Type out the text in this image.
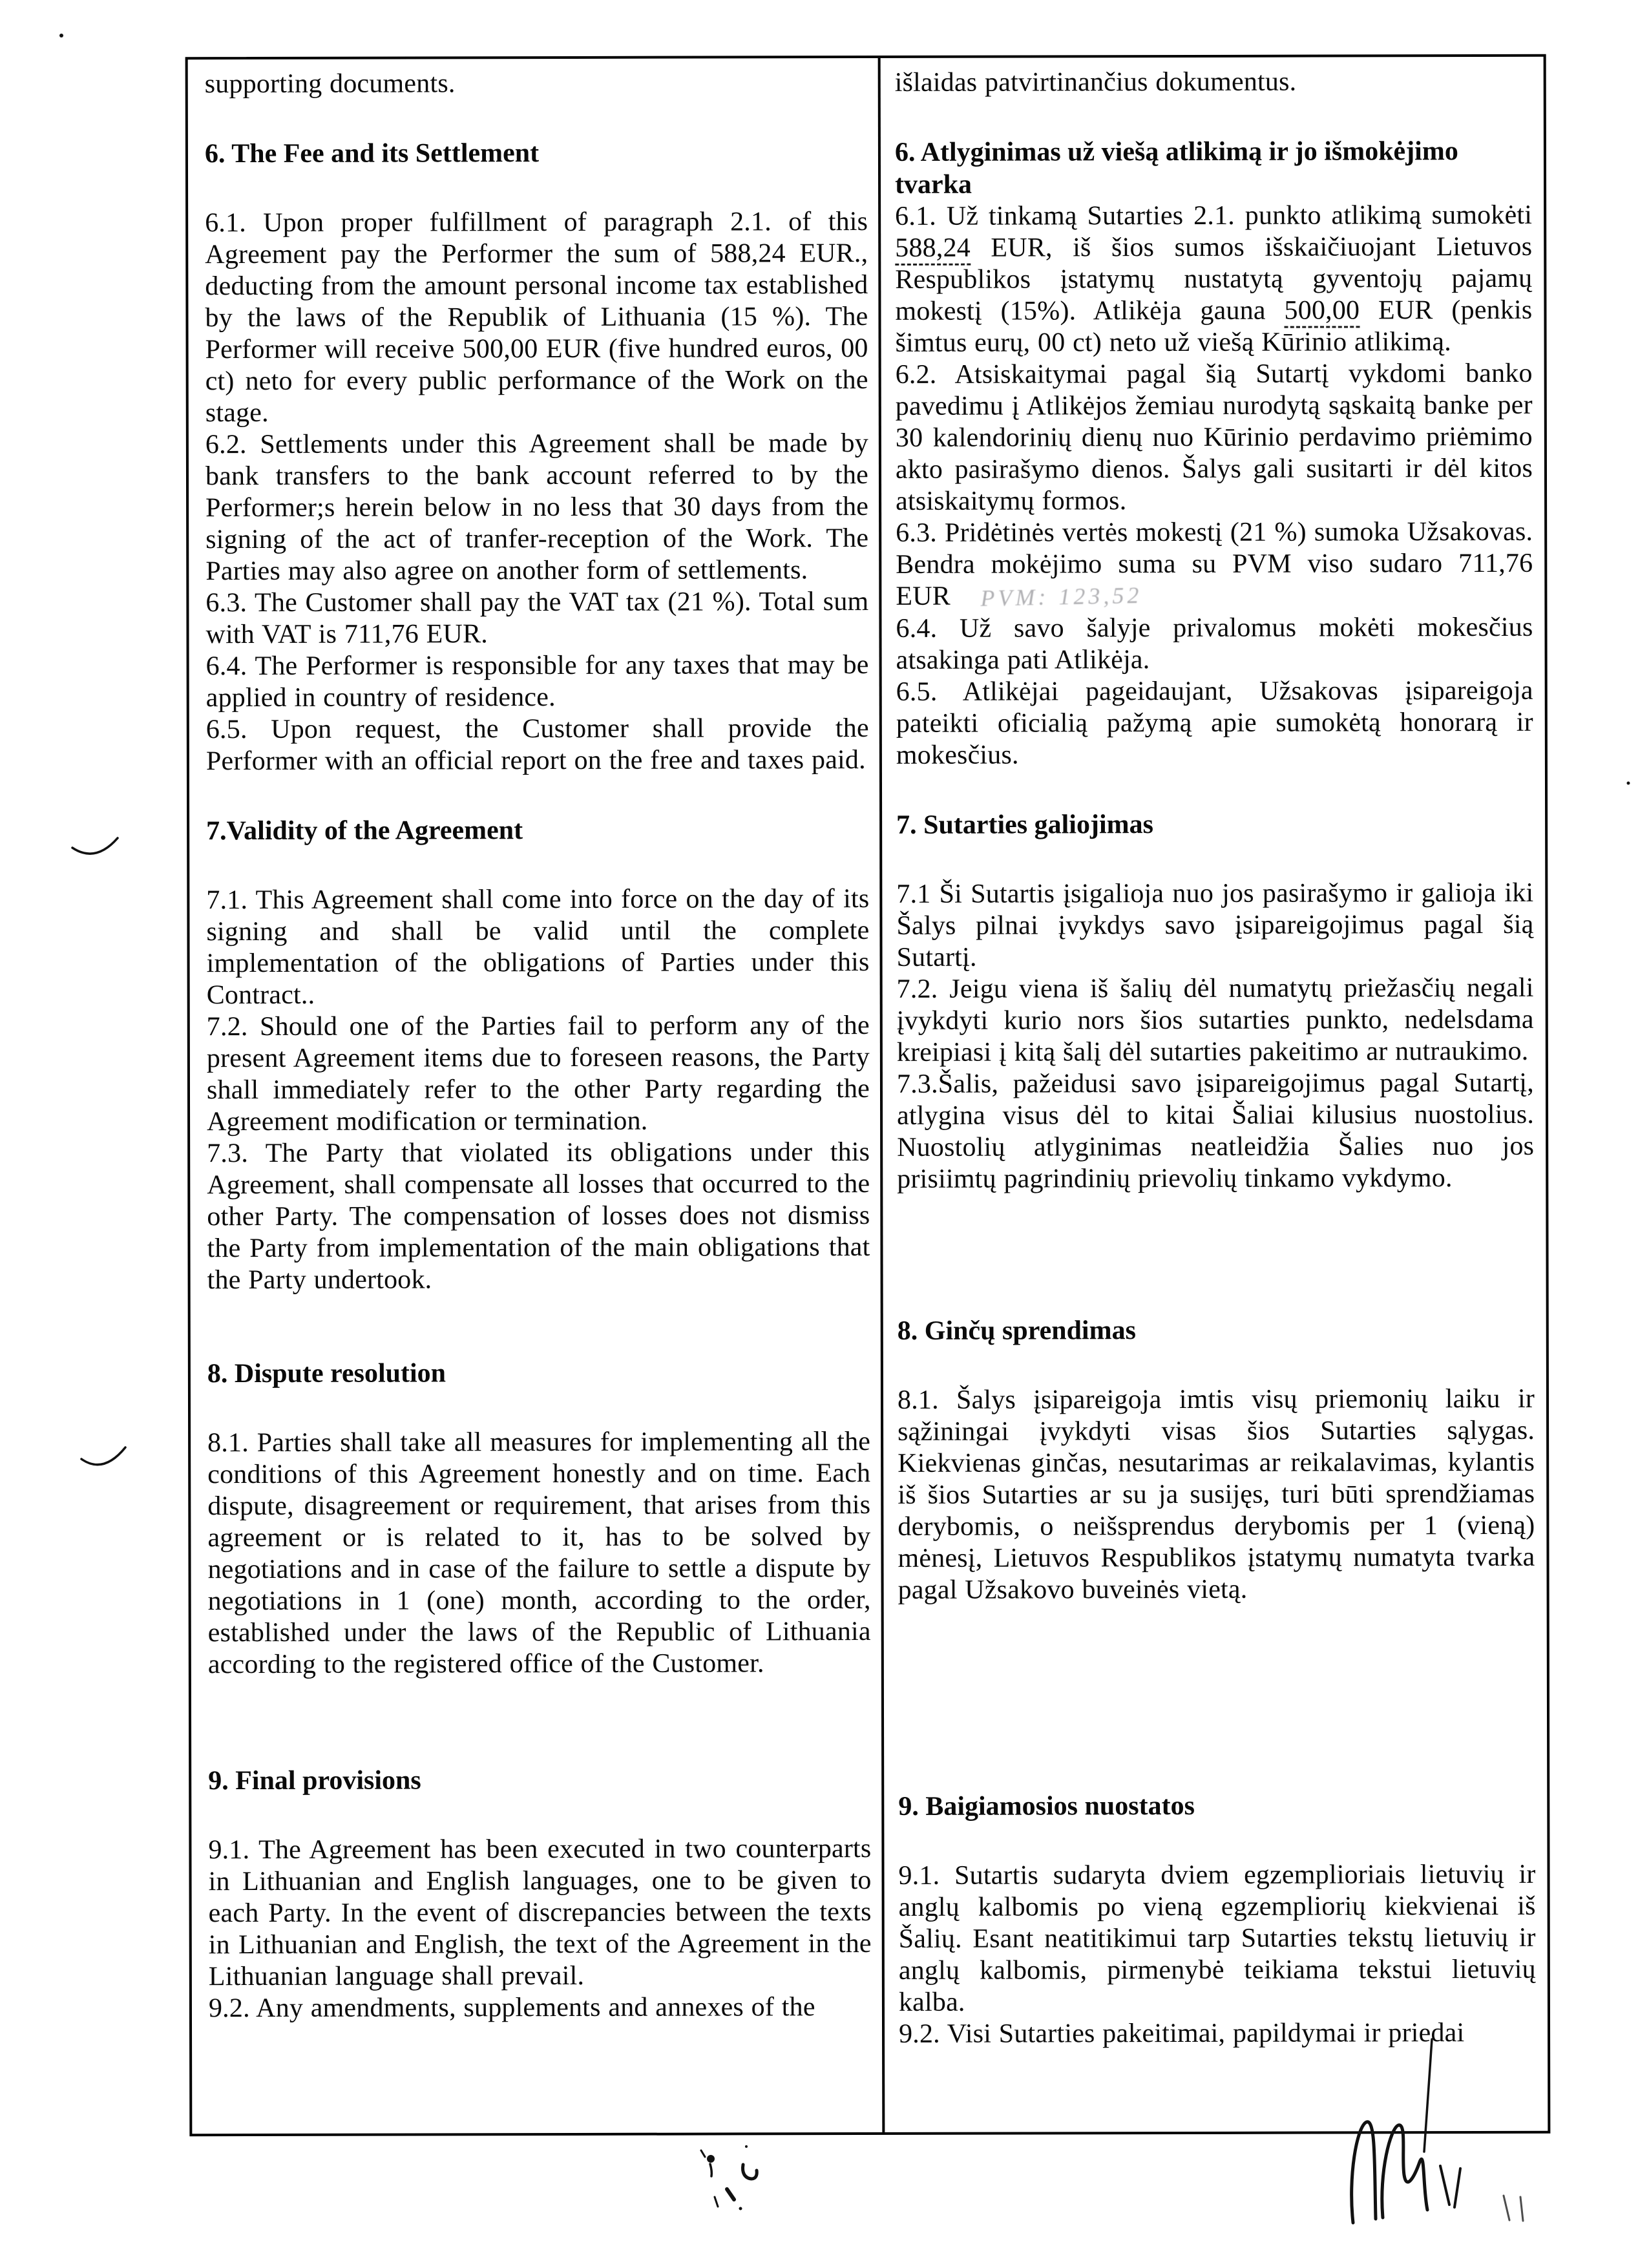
supporting documents.
6. The Fee and its Settlement
6.1. Upon proper fulfillment of paragraph 2.1. of this Agreement pay the Performer the sum of 588,24 EUR., deducting from the amount personal income tax established by the laws of the Republik of Lithuania (15 %). The Performer will receive 500,00 EUR (five hundred euros, 00 ct) neto for every public performance of the Work on the stage.
6.2. Settlements under this Agreement shall be made by bank transfers to the bank account referred to by the Performer;s herein below in no less that 30 days from the signing of the act of tranfer-reception of the Work. The Parties may also agree on another form of settlements.
6.3. The Customer shall pay the VAT tax (21 %). Total sum with VAT is 711,76 EUR.
6.4. The Performer is responsible for any taxes that may be applied in country of residence.
6.5. Upon request, the Customer shall provide the Performer with an official report on the free and taxes paid.
7.Validity of the Agreement
7.1. This Agreement shall come into force on the day of its signing and shall be valid until the complete implementation of the obligations of Parties under this Contract..
7.2. Should one of the Parties fail to perform any of the present Agreement items due to foreseen reasons, the Party shall immediately refer to the other Party regarding the Agreement modification or termination.
7.3. The Party that violated its obligations under this Agreement, shall compensate all losses that occurred to the other Party. The compensation of losses does not dismiss the Party from implementation of the main obligations that the Party undertook.
8. Dispute resolution
8.1. Parties shall take all measures for implementing all the conditions of this Agreement honestly and on time. Each dispute, disagreement or requirement, that arises from this agreement or is related to it, has to be solved by negotiations and in case of the failure to settle a dispute by negotiations in 1 (one) month, according to the order, established under the laws of the Republic of Lithuania according to the registered office of the Customer.
9. Final provisions
9.1. The Agreement has been executed in two counterparts in Lithuanian and English languages, one to be given to each Party. In the event of discrepancies between the texts in Lithuanian and English, the text of the Agreement in the Lithuanian language shall prevail.
9.2. Any amendments, supplements and annexes of the
išlaidas patvirtinančius dokumentus.
6. Atlyginimas už viešą atlikimą ir jo išmokėjimo tvarka
6.1. Už tinkamą Sutarties 2.1. punkto atlikimą sumokėti 588,24 EUR, iš šios sumos išskaičiuojant Lietuvos Respublikos įstatymų nustatytą gyventojų pajamų mokestį (15%). Atlikėja gauna 500,00 EUR (penkis šimtus eurų, 00 ct) neto už viešą Kūrinio atlikimą.
6.2. Atsiskaitymai pagal šią Sutartį vykdomi banko pavedimu į Atlikėjos žemiau nurodytą sąskaitą banke per 30 kalendorinių dienų nuo Kūrinio perdavimo priėmimo akto pasirašymo dienos. Šalys gali susitarti ir dėl kitos atsiskaitymų formos.
6.3. Pridėtinės vertės mokestį (21 %) sumoka Užsakovas. Bendra mokėjimo suma su PVM viso sudaro 711,76 EUR PVM: 123,52
6.4. Už savo šalyje privalomus mokėti mokesčius atsakinga pati Atlikėja.
6.5. Atlikėjai pageidaujant, Užsakovas įsipareigoja pateikti oficialią pažymą apie sumokėtą honorarą ir mokesčius.
7. Sutarties galiojimas
7.1 Ši Sutartis įsigalioja nuo jos pasirašymo ir galioja iki Šalys pilnai įvykdys savo įsipareigojimus pagal šią Sutartį.
7.2. Jeigu viena iš šalių dėl numatytų priežasčių negali įvykdyti kurio nors šios sutarties punkto, nedelsdama kreipiasi į kitą šalį dėl sutarties pakeitimo ar nutraukimo.
7.3.Šalis, pažeidusi savo įsipareigojimus pagal Sutartį, atlygina visus dėl to kitai Šaliai kilusius nuostolius. Nuostolių atlyginimas neatleidžia Šalies nuo jos prisiimtų pagrindinių prievolių tinkamo vykdymo.
8. Ginčų sprendimas
8.1. Šalys įsipareigoja imtis visų priemonių laiku ir sąžiningai įvykdyti visas šios Sutarties sąlygas. Kiekvienas ginčas, nesutarimas ar reikalavimas, kylantis iš šios Sutarties ar su ja susijęs, turi būti sprendžiamas derybomis, o neišsprendus derybomis per 1 (vieną) mėnesį, Lietuvos Respublikos įstatymų numatyta tvarka pagal Užsakovo buveinės vietą.
9. Baigiamosios nuostatos
9.1. Sutartis sudaryta dviem egzemplioriais lietuvių ir anglų kalbomis po vieną egzempliorių kiekvienai iš Šalių. Esant neatitikimui tarp Sutarties tekstų lietuvių ir anglų kalbomis, pirmenybė teikiama tekstui lietuvių kalba.
9.2. Visi Sutarties pakeitimai, papildymai ir priedai
